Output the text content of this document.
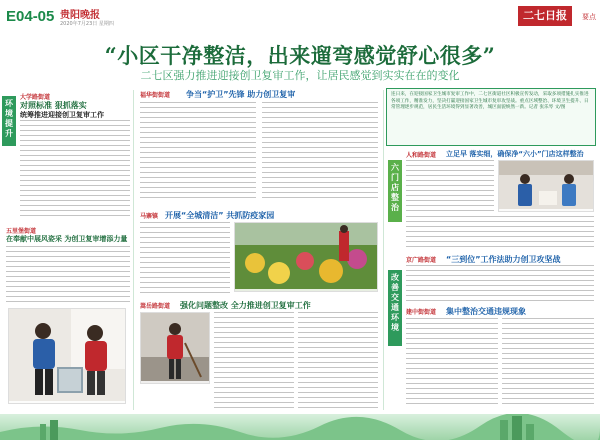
E04-05 贵阳晚报
2020年7月23日 星期四
二七日报	要点
“小区干净整洁，出来遛弯感觉舒心很多”
二七区强力推进迎接创卫复审工作，让居民感觉到实实在在的变化
环境提升
六门店整治
改善交通环境
大学路街道
对照标准 狠抓落实
统筹推进迎接创卫复审工作
五里堡街道
在奉献中展风姿采 为创卫复审增添力量
福华街街道 争当“护卫”先锋 助力创卫复审
马寨镇 开展“全城清洁” 共抓防疫家园
嵩岳路街道 强化问题整改 全力推进创卫复审工作
连日来，在迎接国家卫生城市复审工作中，二七区街道社区积极宣传发动，采取多项措施扎实推进各项工作，精准发力，坚决打赢迎接国家卫生城市复审攻坚战。重点区域整治、环境卫生提升、日常管理逐步规范，居民生活环境得到显著改善，城区面貌焕然一新。记者 张乐琴 文/图
人和路街道 立足早 落实细，确保净“六小”门店这样整治
京广路街道 “三到位”工作法助力创卫攻坚战
建中街街道 集中整治交通违规现象
